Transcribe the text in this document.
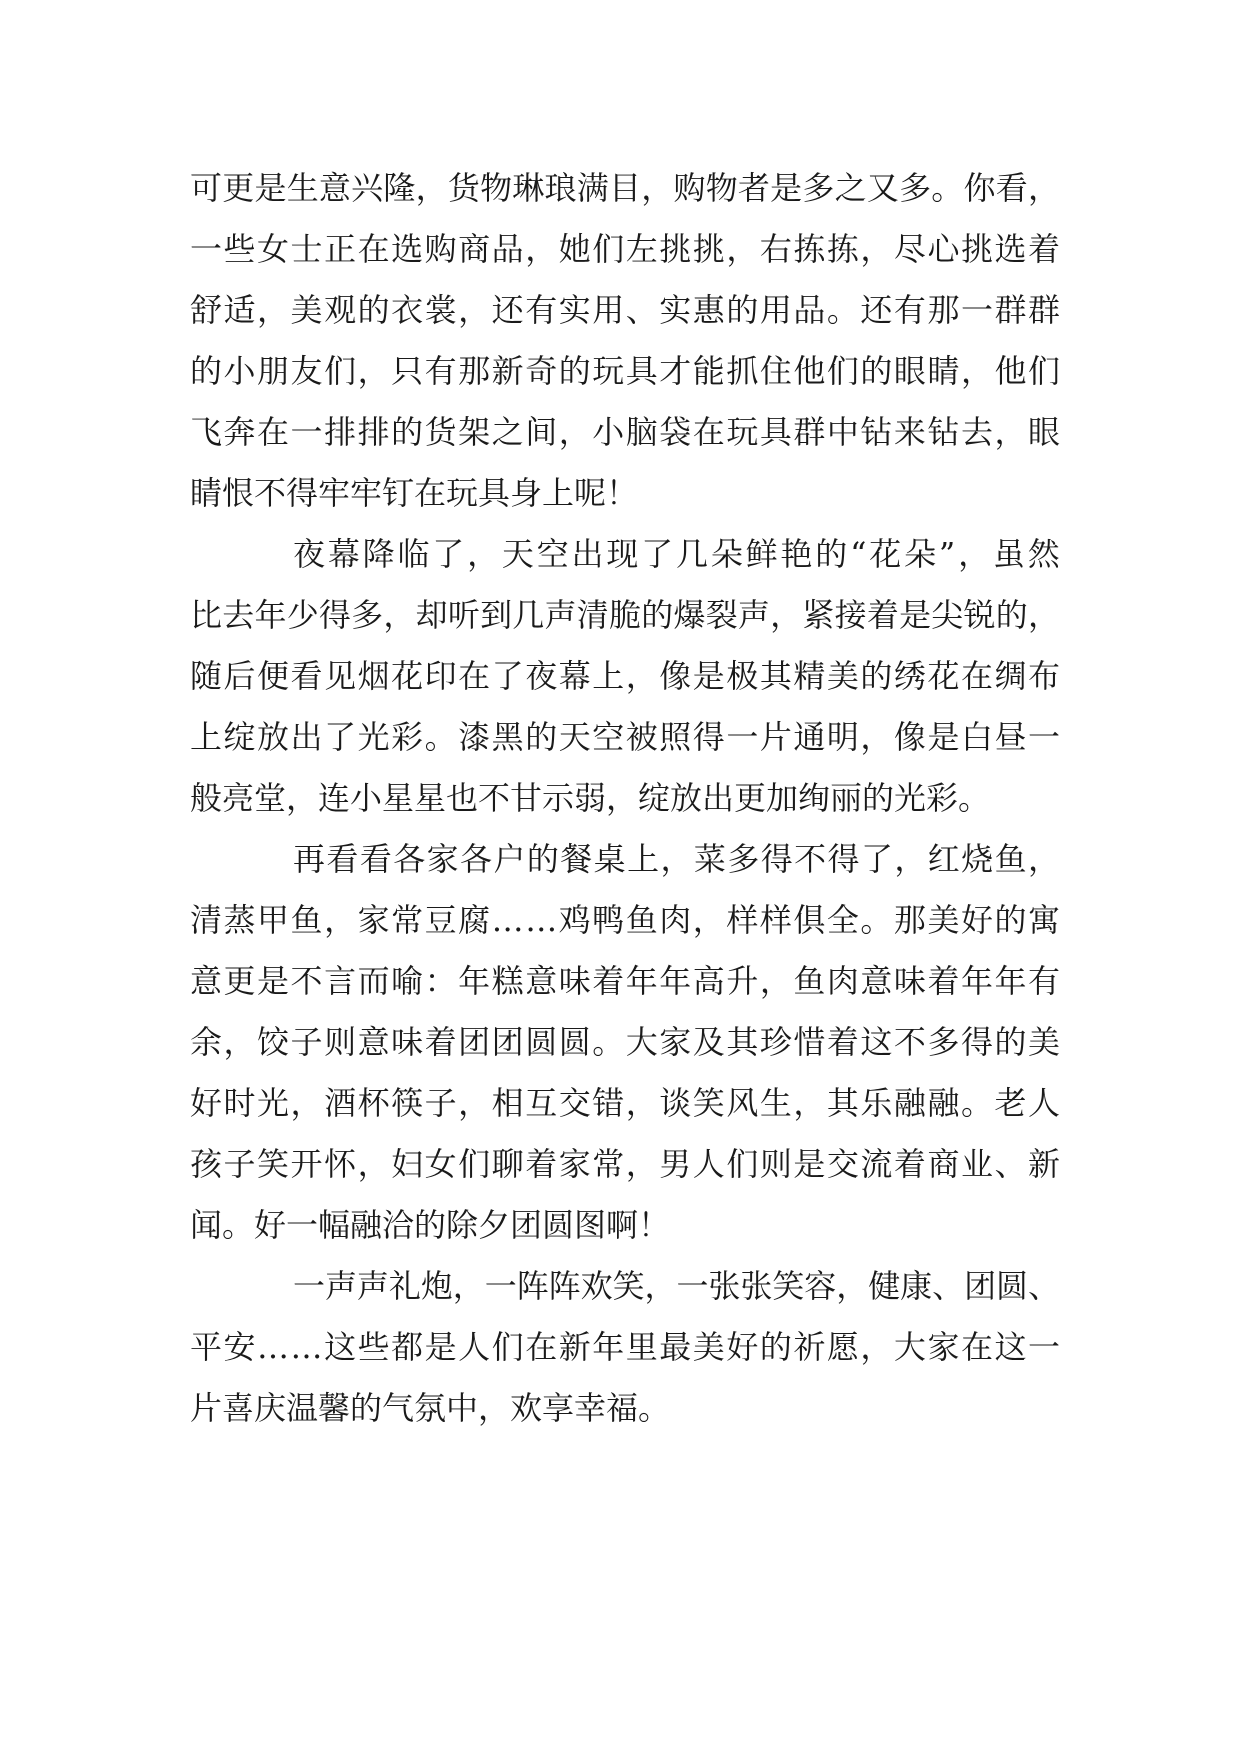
可更是生意兴隆，货物琳琅满目，购物者是多之又多。你看，
一些女士正在选购商品，她们左挑挑，右拣拣，尽心挑选着
舒适，美观的衣裳，还有实用、实惠的用品。还有那一群群
的小朋友们，只有那新奇的玩具才能抓住他们的眼睛，他们
飞奔在一排排的货架之间，小脑袋在玩具群中钻来钻去，眼
睛恨不得牢牢钉在玩具身上呢！
夜幕降临了，天空出现了几朵鲜艳的“花朵”，虽然
比去年少得多，却听到几声清脆的爆裂声，紧接着是尖锐的，
随后便看见烟花印在了夜幕上，像是极其精美的绣花在绸布
上绽放出了光彩。漆黑的天空被照得一片通明，像是白昼一
般亮堂，连小星星也不甘示弱，绽放出更加绚丽的光彩。
再看看各家各户的餐桌上，菜多得不得了，红烧鱼，
清蒸甲鱼，家常豆腐……鸡鸭鱼肉，样样俱全。那美好的寓
意更是不言而喻：年糕意味着年年高升，鱼肉意味着年年有
余，饺子则意味着团团圆圆。大家及其珍惜着这不多得的美
好时光，酒杯筷子，相互交错，谈笑风生，其乐融融。老人
孩子笑开怀，妇女们聊着家常，男人们则是交流着商业、新
闻。好一幅融洽的除夕团圆图啊！
一声声礼炮，一阵阵欢笑，一张张笑容，健康、团圆、
平安……这些都是人们在新年里最美好的祈愿，大家在这一
片喜庆温馨的气氛中，欢享幸福。
